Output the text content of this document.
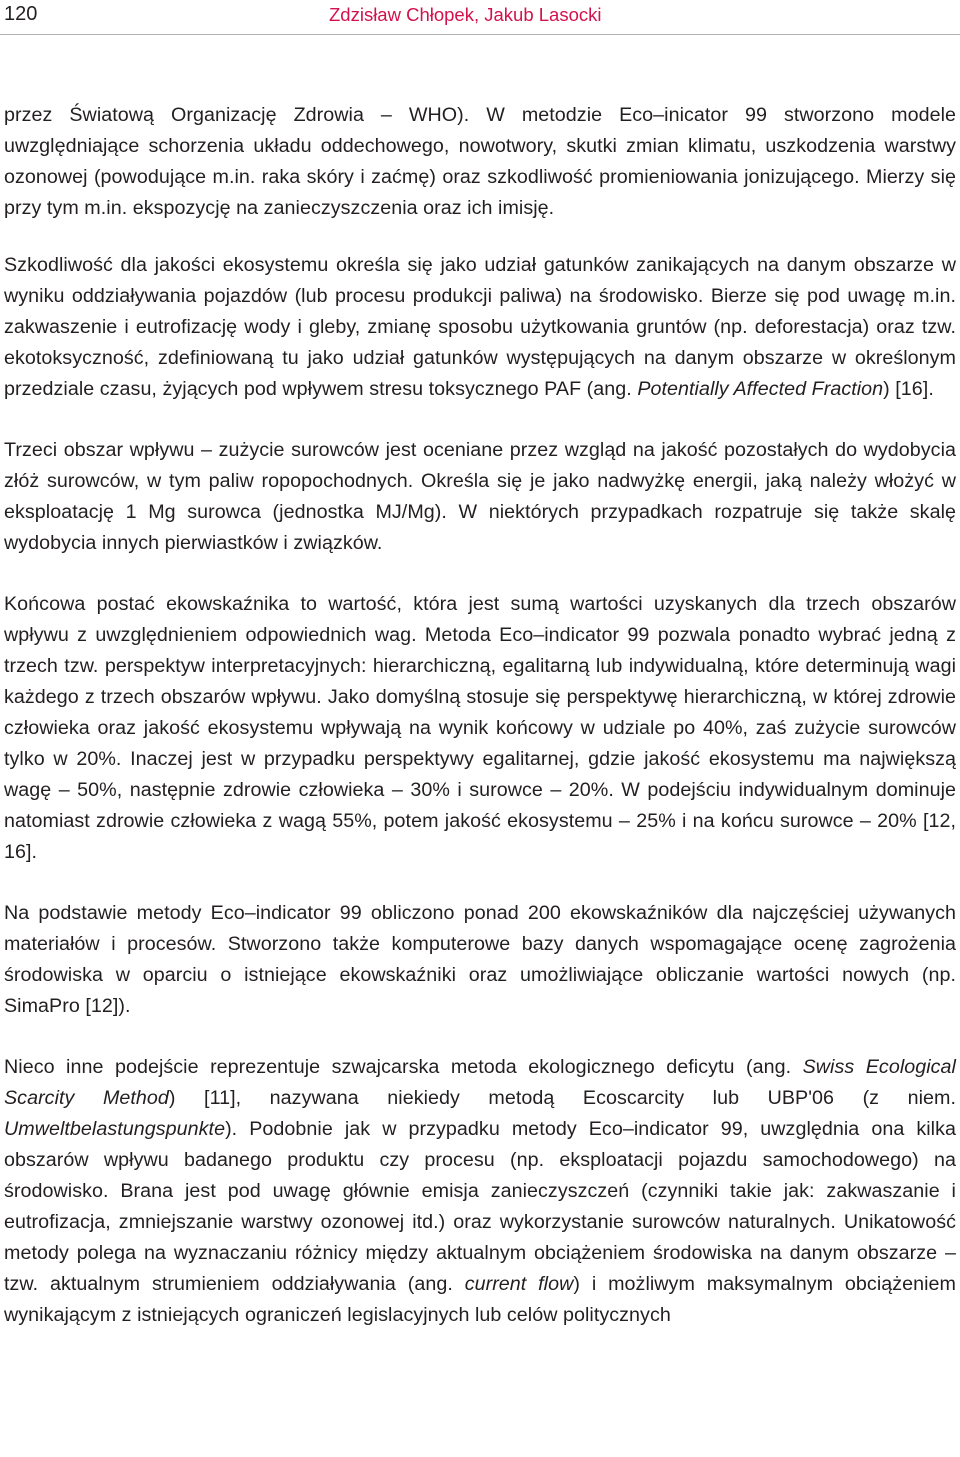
120	Zdzisław Chłopek, Jakub Lasocki

przez Światową Organizację Zdrowia – WHO). W metodzie Eco–inicator 99 stworzono modele uwzględniające schorzenia układu oddechowego, nowotwory, skutki zmian klimatu, uszkodzenia warstwy ozonowej (powodujące m.in. raka skóry i zaćmę) oraz szkodliwość promieniowania jonizującego. Mierzy się przy tym m.in. ekspozycję na zanieczyszczenia oraz ich imisję.

Szkodliwość dla jakości ekosystemu określa się jako udział gatunków zanikających na danym obszarze w wyniku oddziaływania pojazdów (lub procesu produkcji paliwa) na środowisko. Bierze się pod uwagę m.in. zakwaszenie i eutrofizację wody i gleby, zmianę sposobu użytkowania gruntów (np. deforestacja) oraz tzw. ekotoksyczność, zdefiniowaną tu jako udział gatunków występujących na danym obszarze w określonym przedziale czasu, żyjących pod wpływem stresu toksycznego PAF (ang. Potentially Affected Fraction) [16].

Trzeci obszar wpływu – zużycie surowców jest oceniane przez wzgląd na jakość pozostałych do wydobycia złóż surowców, w tym paliw ropopochodnych. Określa się je jako nadwyżkę energii, jaką należy włożyć w eksploatację 1 Mg surowca (jednostka MJ/Mg). W niektórych przypadkach rozpatruje się także skalę wydobycia innych pierwiastków i związków.

Końcowa postać ekowskaźnika to wartość, która jest sumą wartości uzyskanych dla trzech obszarów wpływu z uwzględnieniem odpowiednich wag. Metoda Eco–indicator 99 pozwala ponadto wybrać jedną z trzech tzw. perspektyw interpretacyjnych: hierarchiczną, egalitarną lub indywidualną, które determinują wagi każdego z trzech obszarów wpływu. Jako domyślną stosuje się perspektywę hierarchiczną, w której zdrowie człowieka oraz jakość ekosystemu wpływają na wynik końcowy w udziale po 40%, zaś zużycie surowców tylko w 20%. Inaczej jest w przypadku perspektywy egalitarnej, gdzie jakość ekosystemu ma największą wagę – 50%, następnie zdrowie człowieka – 30% i surowce – 20%. W podejściu indywidualnym dominuje natomiast zdrowie człowieka z wagą 55%, potem jakość ekosystemu – 25% i na końcu surowce – 20% [12, 16].

Na podstawie metody Eco–indicator 99 obliczono ponad 200 ekowskaźników dla najczęściej używanych materiałów i procesów. Stworzono także komputerowe bazy danych wspomagające ocenę zagrożenia środowiska w oparciu o istniejące ekowskaźniki oraz umożliwiające obliczanie wartości nowych (np. SimaPro [12]).

Nieco inne podejście reprezentuje szwajcarska metoda ekologicznego deficytu (ang. Swiss Ecological Scarcity Method) [11], nazywana niekiedy metodą Ecoscarcity lub UBP'06 (z niem. Umweltbelastungspunkte). Podobnie jak w przypadku metody Eco–indicator 99, uwzględnia ona kilka obszarów wpływu badanego produktu czy procesu (np. eksploatacji pojazdu samochodowego) na środowisko. Brana jest pod uwagę głównie emisja zanieczyszczeń (czynniki takie jak: zakwaszanie i eutrofizacja, zmniejszanie warstwy ozonowej itd.) oraz wykorzystanie surowców naturalnych. Unikatowość metody polega na wyznaczaniu różnicy między aktualnym obciążeniem środowiska na danym obszarze – tzw. aktualnym strumieniem oddziaływania (ang. current flow) i możliwym maksymalnym obciążeniem wynikającym z istniejących ograniczeń legislacyjnych lub celów politycznych
